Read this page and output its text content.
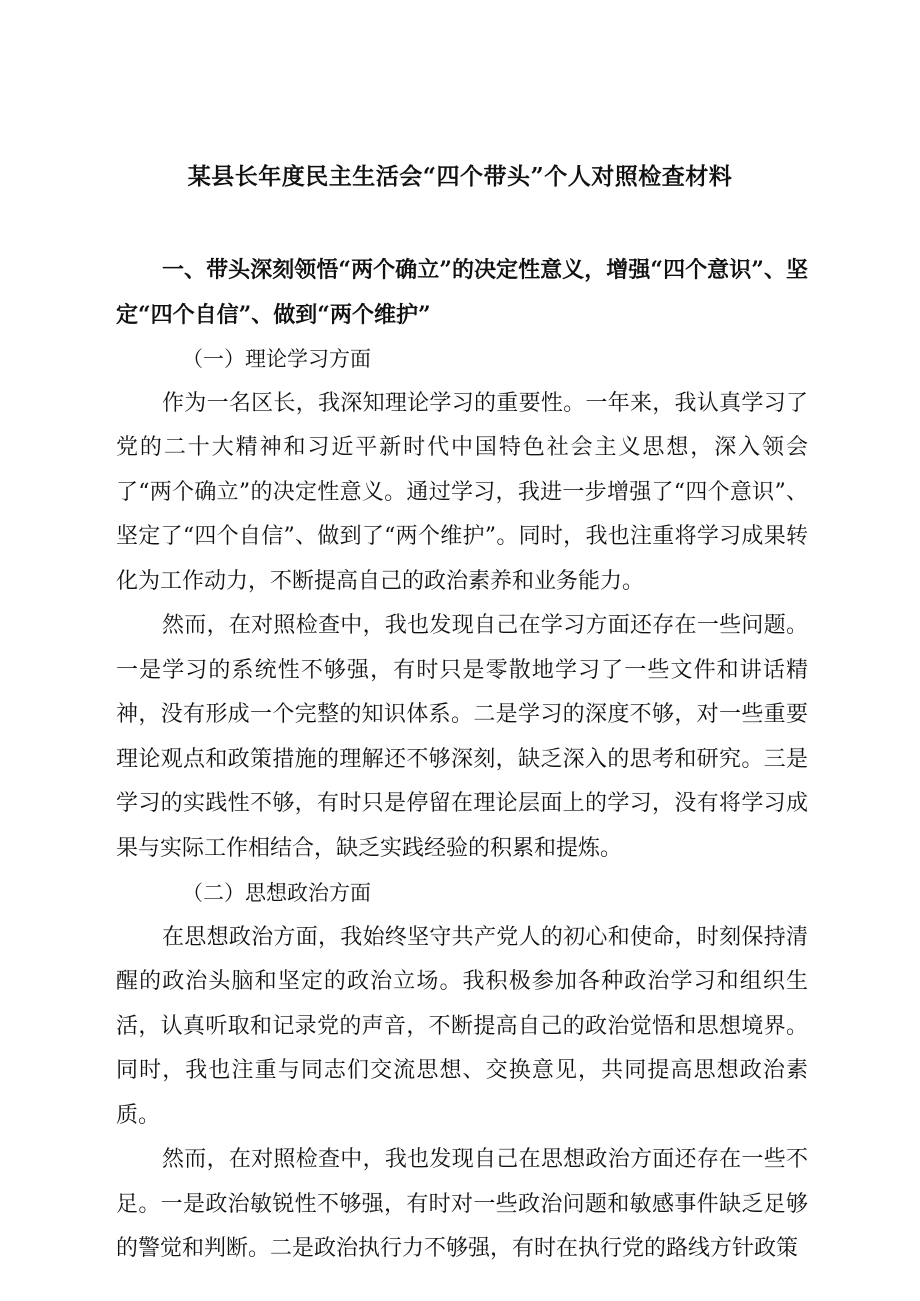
某县长年度民主生活会“四个带头”个人对照检查材料

一、带头深刻领悟“两个确立”的决定性意义，增强“四个意识”、坚定“四个自信”、做到“两个维护”

（一）理论学习方面

作为一名区长，我深知理论学习的重要性。一年来，我认真学习了党的二十大精神和习近平新时代中国特色社会主义思想，深入领会了“两个确立”的决定性意义。通过学习，我进一步增强了“四个意识”、坚定了“四个自信”、做到了“两个维护”。同时，我也注重将学习成果转化为工作动力，不断提高自己的政治素养和业务能力。

然而，在对照检查中，我也发现自己在学习方面还存在一些问题。一是学习的系统性不够强，有时只是零散地学习了一些文件和讲话精神，没有形成一个完整的知识体系。二是学习的深度不够，对一些重要理论观点和政策措施的理解还不够深刻，缺乏深入的思考和研究。三是学习的实践性不够，有时只是停留在理论层面上的学习，没有将学习成果与实际工作相结合，缺乏实践经验的积累和提炼。

（二）思想政治方面

在思想政治方面，我始终坚守共产党人的初心和使命，时刻保持清醒的政治头脑和坚定的政治立场。我积极参加各种政治学习和组织生活，认真听取和记录党的声音，不断提高自己的政治觉悟和思想境界。同时，我也注重与同志们交流思想、交换意见，共同提高思想政治素质。

然而，在对照检查中，我也发现自己在思想政治方面还存在一些不足。一是政治敏锐性不够强，有时对一些政治问题和敏感事件缺乏足够的警觉和判断。二是政治执行力不够强，有时在执行党的路线方针政策
